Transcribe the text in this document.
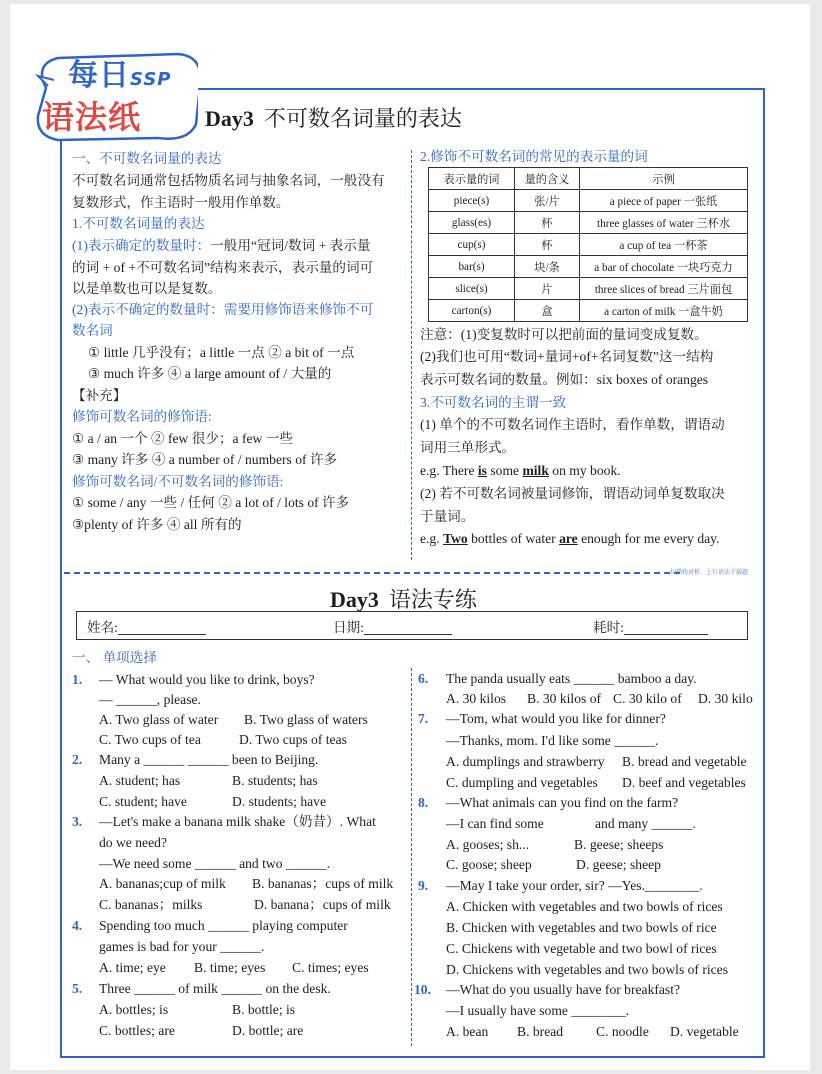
每日SSP
语法纸	Day3 不可数名词量的表达
一、不可数名词量的表达
不可数名词通常包括物质名词与抽象名词，一般没有
复数形式，作主语时一般用作单数。
1.不可数名词量的表达
(1)表示确定的数量时：一般用“冠词/数词 + 表示量
的词 + of +不可数名词”结构来表示，表示量的词可
以是单数也可以是复数。
(2)表示不确定的数量时：需要用修饰语来修饰不可
数名词
① little 几乎没有；a little 一点 ② a bit of 一点
③ much 许多 ④ a large amount of / 大量的
【补充】
修饰可数名词的修饰语:
① a / an 一个 ② few 很少；a few 一些
③ many 许多 ④ a number of / numbers of 许多
修饰可数名词/不可数名词的修饰语:
① some / any 一些 / 任何 ② a lot of / lots of 许多
③plenty of 许多 ④ all 所有的
2.修饰不可数名词的常见的表示量的词
表示量的词	量的含义	示例
piece(s)	张/片	a piece of paper 一张纸
glass(es)	杯	three glasses of water 三杯水
cup(s)	杯	a cup of tea 一杯茶
bar(s)	块/条	a bar of chocolate 一块巧克力
slice(s)	片	three slices of bread 三片面包
carton(s)	盒	a carton of milk 一盒牛奶
注意：(1)变复数时可以把前面的量词变成复数。
(2)我们也可用“数词+量词+of+名词复数”这一结构
表示可数名词的数量。例如：six boxes of oranges
3.不可数名词的主谓一致
(1) 单个的不可数名词作主语时，看作单数，谓语动
词用三单形式。
e.g. There is some milk on my book.
(2) 若不可数名词被量词修饰，谓语动词单复数取决
于量词。
e.g. Two bottles of water are enough for me every day.
扫描找对析，上钉语法下载题
Day3 语法专练
姓名:	日期:	耗时:
一、 单项选择
1. — What would you like to drink, boys?
— ______, please.
A. Two glass of water B. Two glass of waters
C. Two cups of tea	D. Two cups of teas
2. Many a ______ ______ been to Beijing.
A. student; has	B. students; has
C. student; have	D. students; have
3. —Let's make a banana milk shake（奶昔）. What
do we need?
—We need some ______ and two ______.
A. bananas;cup of milk B. bananas；cups of milk
C. bananas；milks	D. banana；cups of milk
4. Spending too much ______ playing computer
games is bad for your ______.
A. time; eye B. time; eyes C. times; eyes
5. Three ______ of milk ______ on the desk.
A. bottles; is	B. bottle; is
C. bottles; are	D. bottle; are
6. The panda usually eats ______ bamboo a day.
A. 30 kilos B. 30 kilos of C. 30 kilo of D. 30 kilo
7. —Tom, what would you like for dinner?
—Thanks, mom. I'd like some ______.
A. dumplings and strawberry B. bread and vegetable
C. dumpling and vegetables D. beef and vegetables
8. —What animals can you find on the farm?
—I can find some	and many ______.
A. gooses; sh...	B. geese; sheeps
C. goose; sheep	D. geese; sheep
9. —May I take your order, sir? —Yes.________.
A. Chicken with vegetables and two bowls of rices
B. Chicken with vegetables and two bowls of rice
C. Chickens with vegetable and two bowl of rices
D. Chickens with vegetables and two bowls of rices
10. —What do you usually have for breakfast?
—I usually have some ________.
A. bean B. bread C. noodle D. vegetable
